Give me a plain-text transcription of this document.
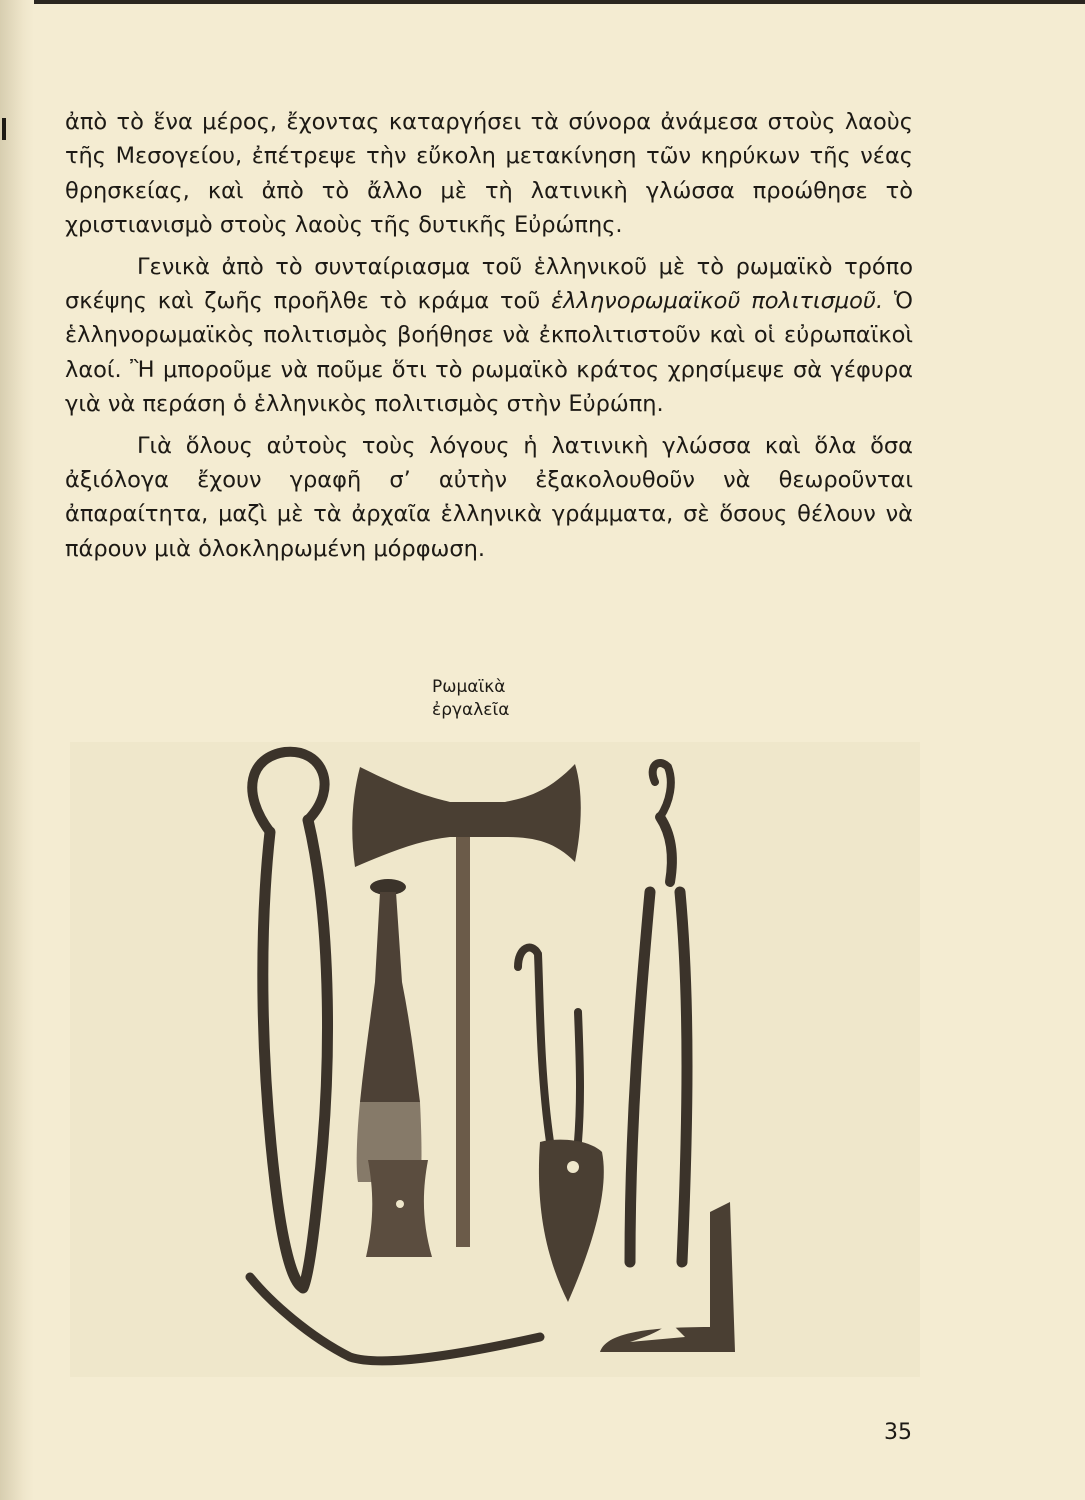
ἀπὸ τὸ ἕνα μέρος, ἔχοντας καταργήσει τὰ σύνορα ἀνάμεσα στοὺς λαοὺς τῆς Μεσογείου, ἐπέτρεψε τὴν εὔκολη μετακίνηση τῶν κηρύκων τῆς νέας θρησκείας, καὶ ἀπὸ τὸ ἄλλο μὲ τὴ λατινικὴ γλώσσα προώθησε τὸ χριστιανισμὸ στοὺς λαοὺς τῆς δυτικῆς Εὐρώπης.

Γενικὰ ἀπὸ τὸ συνταίριασμα τοῦ ἑλληνικοῦ μὲ τὸ ρωμαϊκὸ τρόπο σκέψης καὶ ζωῆς προῆλθε τὸ κράμα τοῦ ἑλληνορωμαϊκοῦ πολιτισμοῦ. Ὁ ἑλληνορωμαϊκὸς πολιτισμὸς βοήθησε νὰ ἐκπολιτιστοῦν καὶ οἱ εὐρωπαϊκοὶ λαοί. Ἢ μποροῦμε νὰ ποῦμε ὅτι τὸ ρωμαϊκὸ κράτος χρησίμεψε σὰ γέφυρα γιὰ νὰ περάση ὁ ἑλληνικὸς πολιτισμὸς στὴν Εὐρώπη.

Γιὰ ὅλους αὐτοὺς τοὺς λόγους ἡ λατινικὴ γλώσσα καὶ ὅλα ὅσα ἀξιόλογα ἔχουν γραφῆ σ’ αὐτὴν ἐξακολουθοῦν νὰ θεωροῦνται ἀπαραίτητα, μαζὶ μὲ τὰ ἀρχαῖα ἑλληνικὰ γράμματα, σὲ ὅσους θέλουν νὰ πάρουν μιὰ ὁλοκληρωμένη μόρφωση.

Ρωμαϊκὰ
ἐργαλεῖα
35
